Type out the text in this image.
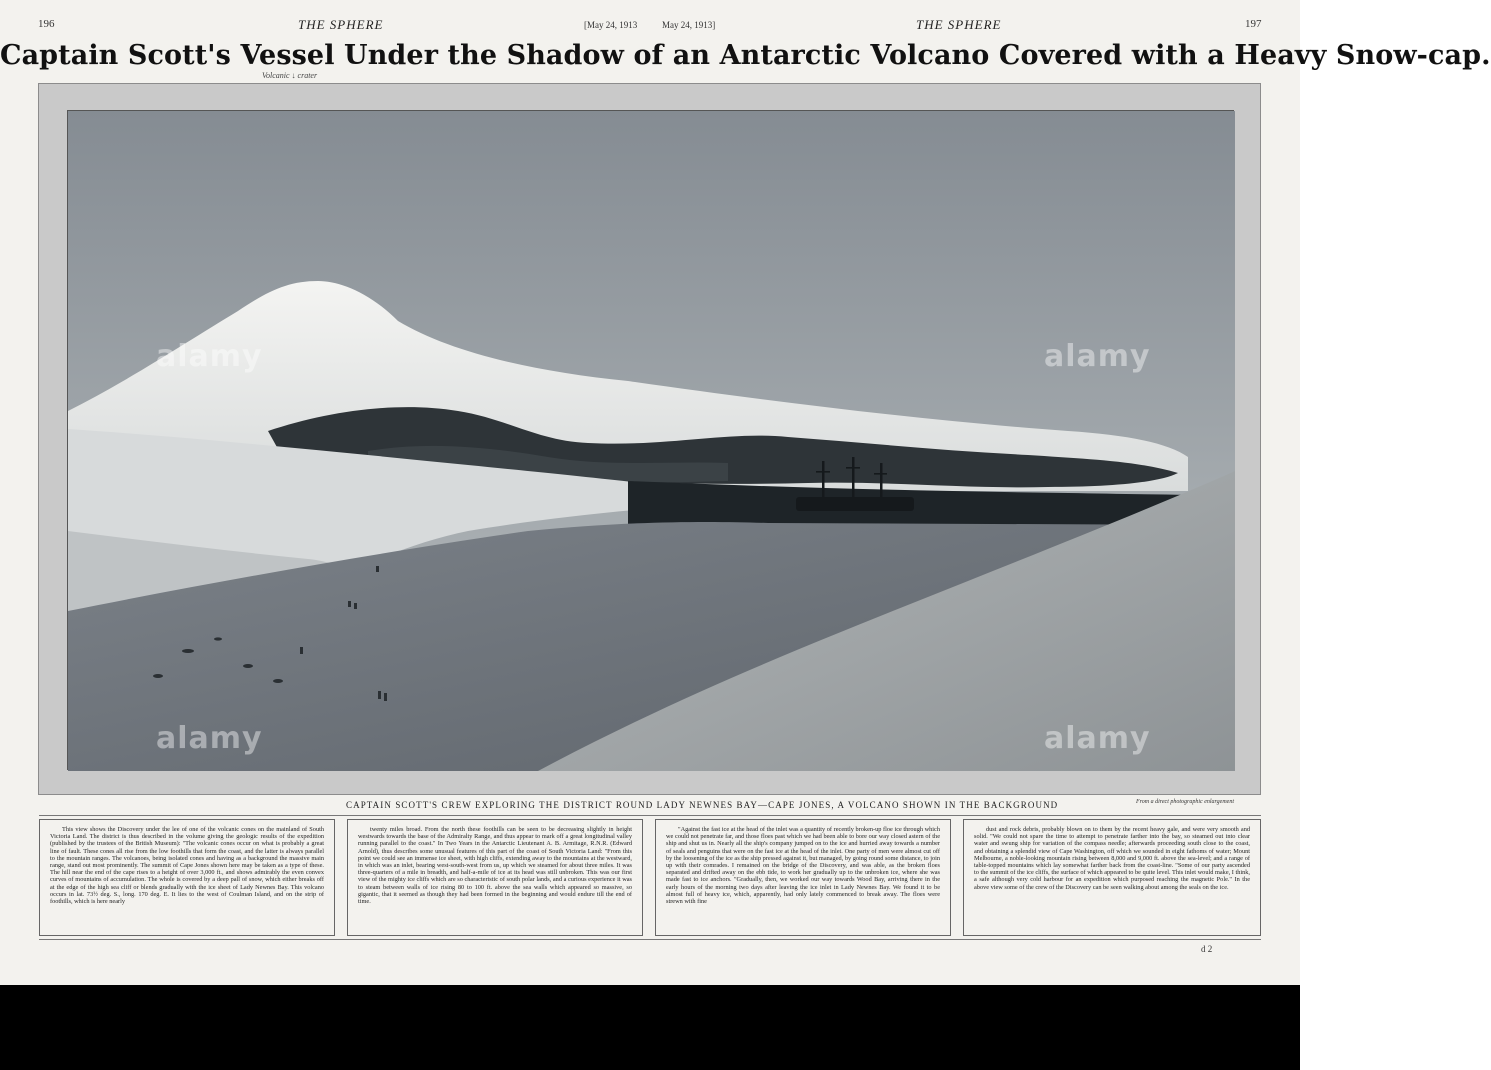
196	THE SPHERE	[May 24, 1913	May 24, 1913]	THE SPHERE	197
Captain Scott's Vessel Under the Shadow of an Antarctic Volcano Covered with a Heavy Snow-cap.
Volcanic ↓ crater
alamy	alamy
alamy	alamy
CAPTAIN SCOTT'S CREW EXPLORING THE DISTRICT ROUND LADY NEWNES BAY—CAPE JONES, A VOLCANO SHOWN IN THE BACKGROUND	From a direct photographic enlargement

This view shows the Discovery under the lee of one of the volcanic cones on the mainland of South Victoria Land. The district is thus described in the volume giving the geologic results of the expedition (published by the trustees of the British Museum): "The volcanic cones occur on what is probably a great line of fault. These cones all rise from the low foothills that form the coast, and the latter is always parallel to the mountain ranges. The volcanoes, being isolated cones and having as a background the massive main range, stand out most prominently. The summit of Cape Jones shown here may be taken as a type of these. The hill near the end of the cape rises to a height of over 3,000 ft., and shows admirably the even convex curves of mountains of accumulation. The whole is covered by a deep pall of snow, which either breaks off at the edge of the high sea cliff or blends gradually with the ice sheet of Lady Newnes Bay. This volcano occurs in lat. 73½ deg. S., long. 170 deg. E. It lies to the west of Coulman Island, and on the strip of foothills, which is here nearly

twenty miles broad. From the north these foothills can be seen to be decreasing slightly in height westwards towards the base of the Admiralty Range, and thus appear to mark off a great longitudinal valley running parallel to the coast." In Two Years in the Antarctic Lieutenant A. B. Armitage, R.N.R. (Edward Arnold), thus describes some unusual features of this part of the coast of South Victoria Land: "From this point we could see an immense ice sheet, with high cliffs, extending away to the mountains at the westward, in which was an inlet, bearing west-south-west from us, up which we steamed for about three miles. It was three-quarters of a mile in breadth, and half-a-mile of ice at its head was still unbroken. This was our first view of the mighty ice cliffs which are so characteristic of south polar lands, and a curious experience it was to steam between walls of ice rising 80 to 100 ft. above the sea walls which appeared so massive, so gigantic, that it seemed as though they had been formed in the beginning and would endure till the end of time.

"Against the fast ice at the head of the inlet was a quantity of recently broken-up floe ice through which we could not penetrate far, and those floes past which we had been able to bore our way closed astern of the ship and shut us in. Nearly all the ship's company jumped on to the ice and hurried away towards a number of seals and penguins that were on the fast ice at the head of the inlet. One party of men were almost cut off by the loosening of the ice as the ship pressed against it, but managed, by going round some distance, to join up with their comrades. I remained on the bridge of the Discovery, and was able, as the broken floes separated and drifted away on the ebb tide, to work her gradually up to the unbroken ice, where she was made fast to ice anchors. "Gradually, then, we worked our way towards Wood Bay, arriving there in the early hours of the morning two days after leaving the ice inlet in Lady Newnes Bay. We found it to be almost full of heavy ice, which, apparently, had only lately commenced to break away. The floes were strewn with fine

dust and rock debris, probably blown on to them by the recent heavy gale, and were very smooth and solid. "We could not spare the time to attempt to penetrate farther into the bay, so steamed out into clear water and swung ship for variation of the compass needle; afterwards proceeding south close to the coast, and obtaining a splendid view of Cape Washington, off which we sounded in eight fathoms of water; Mount Melbourne, a noble-looking mountain rising between 8,000 and 9,000 ft. above the sea-level; and a range of table-topped mountains which lay somewhat farther back from the coast-line. "Some of our party ascended to the summit of the ice cliffs, the surface of which appeared to be quite level. This inlet would make, I think, a safe although very cold harbour for an expedition which purposed reaching the magnetic Pole." In the above view some of the crew of the Discovery can be seen walking about among the seals on the ice.

d 2
